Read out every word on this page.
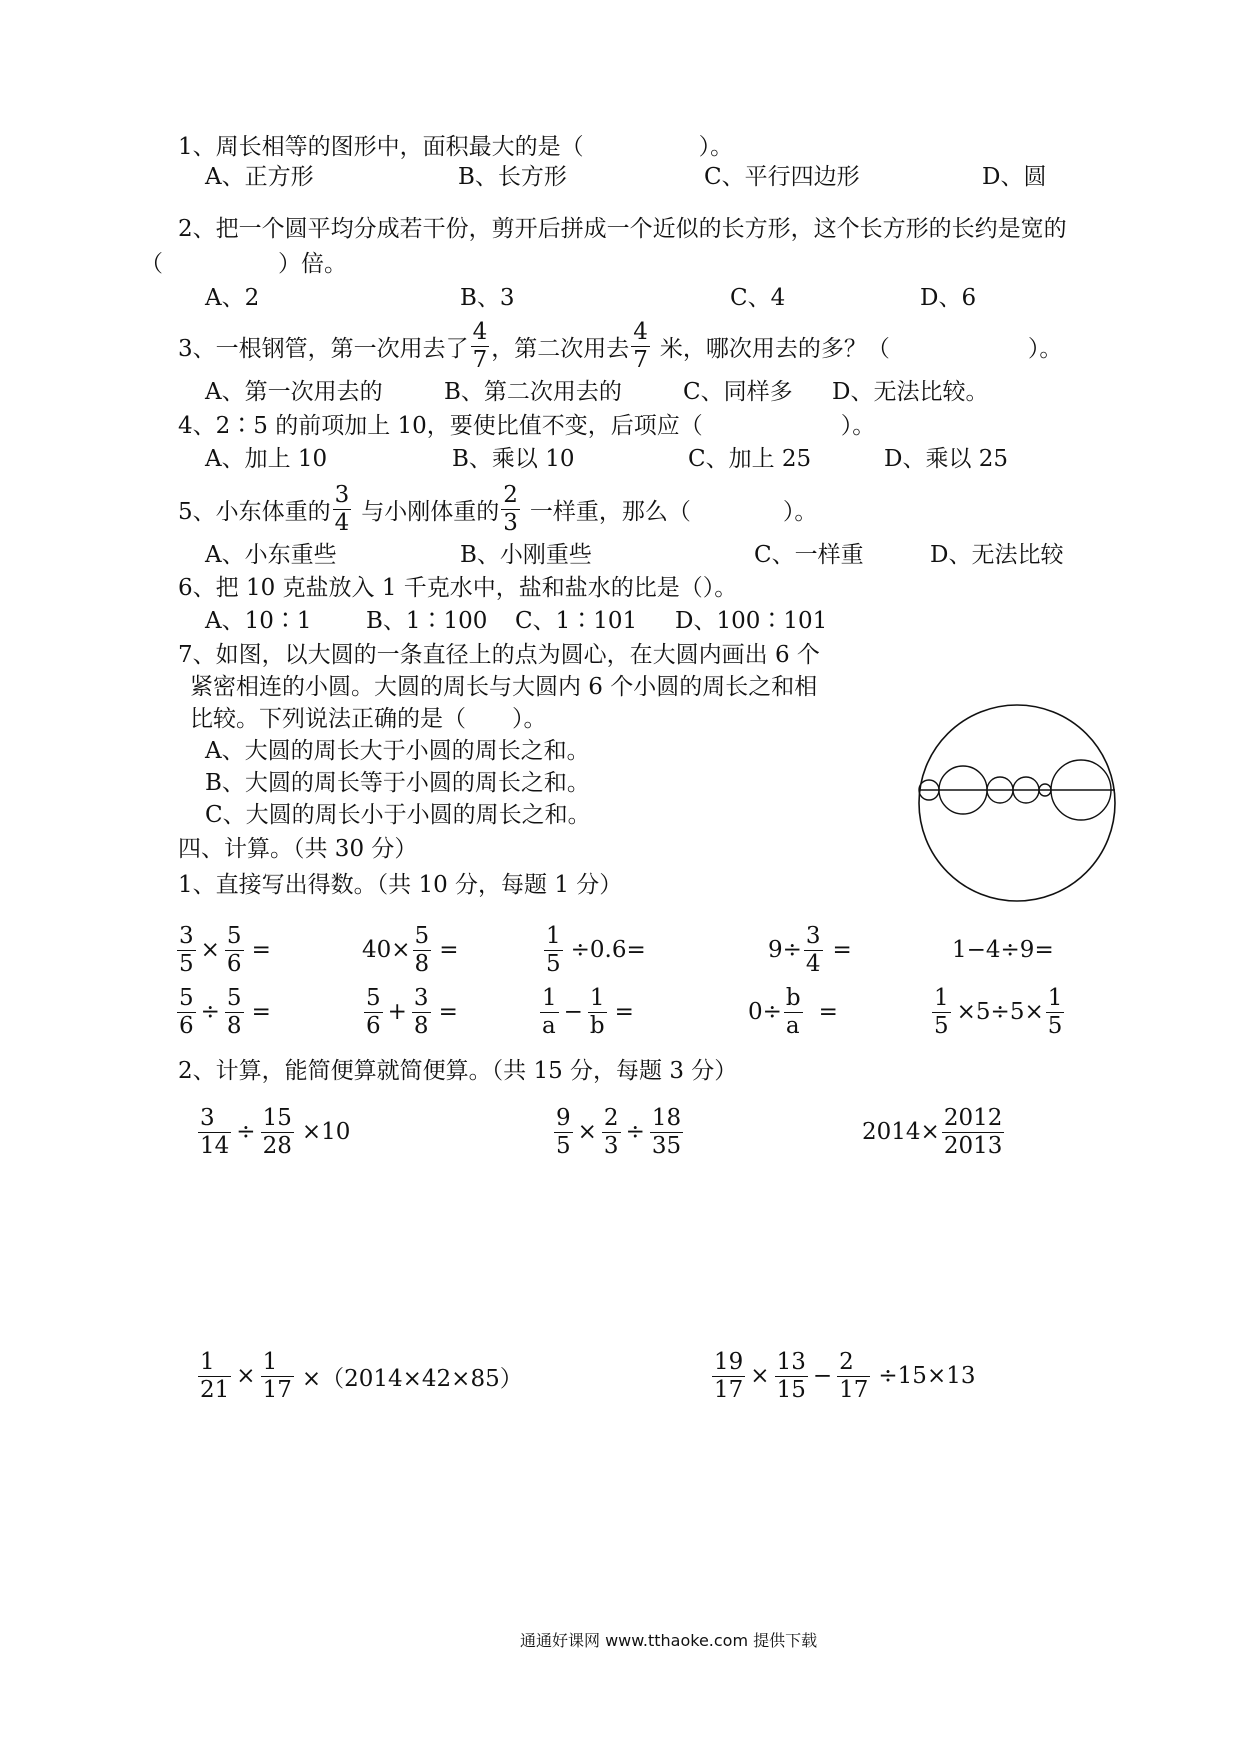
1、周长相等的图形中，面积最大的是（　　　　　）。
A、正方形	B、长方形	C、平行四边形	D、圆
2、把一个圆平均分成若干份，剪开后拼成一个近似的长方形，这个长方形的长约是宽的
（　　　　　）倍。
A、2	B、3	C、4	D、6
3、一根钢管，第一次用去了 $\frac{4}{7}$ ，第二次用去 $\frac{4}{7}$ 米，哪次用去的多？（　　　　　　）。
A、第一次用去的	B、第二次用去的	C、同样多 D、无法比较。
4、2∶5 的前项加上 10，要使比值不变，后项应（　　　　　　）。
A、加上 10	B、乘以 10	C、加上 25	D、乘以 25
5、小东体重的 $\frac{3}{4}$ 与小刚体重的 $\frac{2}{3}$ 一样重，那么（　　　　）。
A、小东重些	B、小刚重些	C、一样重	D、无法比较
6、把 10 克盐放入 1 千克水中，盐和盐水的比是（）。
A、10∶1 B、1∶100 C、1∶101 D、100∶101
7、如图，以大圆的一条直径上的点为圆心，在大圆内画出 6 个
紧密相连的小圆。大圆的周长与大圆内 6 个小圆的周长之和相
比较。下列说法正确的是（　　）。
A、大圆的周长大于小圆的周长之和。
B、大圆的周长等于小圆的周长之和。
C、大圆的周长小于小圆的周长之和。
四、计算。（共 30 分）
1、直接写出得数。（共 10 分，每题 1 分）
$\frac{3}{5} \times \frac{5}{6}$ =	$40\times \frac{5}{8}$ =	$\frac{1}{5} \div 0.6=$	$9\div \frac{3}{4}$ =	1−4÷9=
$\frac{5}{6} \div \frac{5}{8}$ =	$\frac{5}{6} + \frac{3}{8}$ =	$\frac{1}{a} - \frac{1}{b}$ =	$0\div \frac{b}{a}$ =	$\frac{1}{5} \times 5\div 5\times \frac{1}{5}$
2、计算，能简便算就简便算。（共 15 分，每题 3 分）
$\frac{3}{14} \div \frac{15}{28} \times 10$	$\frac{9}{5} \times \frac{2}{3} \div \frac{18}{35}$	$2014\times \frac{2012}{2013}$
$\frac{1}{21} \times \frac{1}{17} \times(2014\times 42\times 85)$	$\frac{19}{17} \times \frac{13}{15} - \frac{2}{17} \div 15\times 13$
通通好课网 www.tthaoke.com 提供下载
